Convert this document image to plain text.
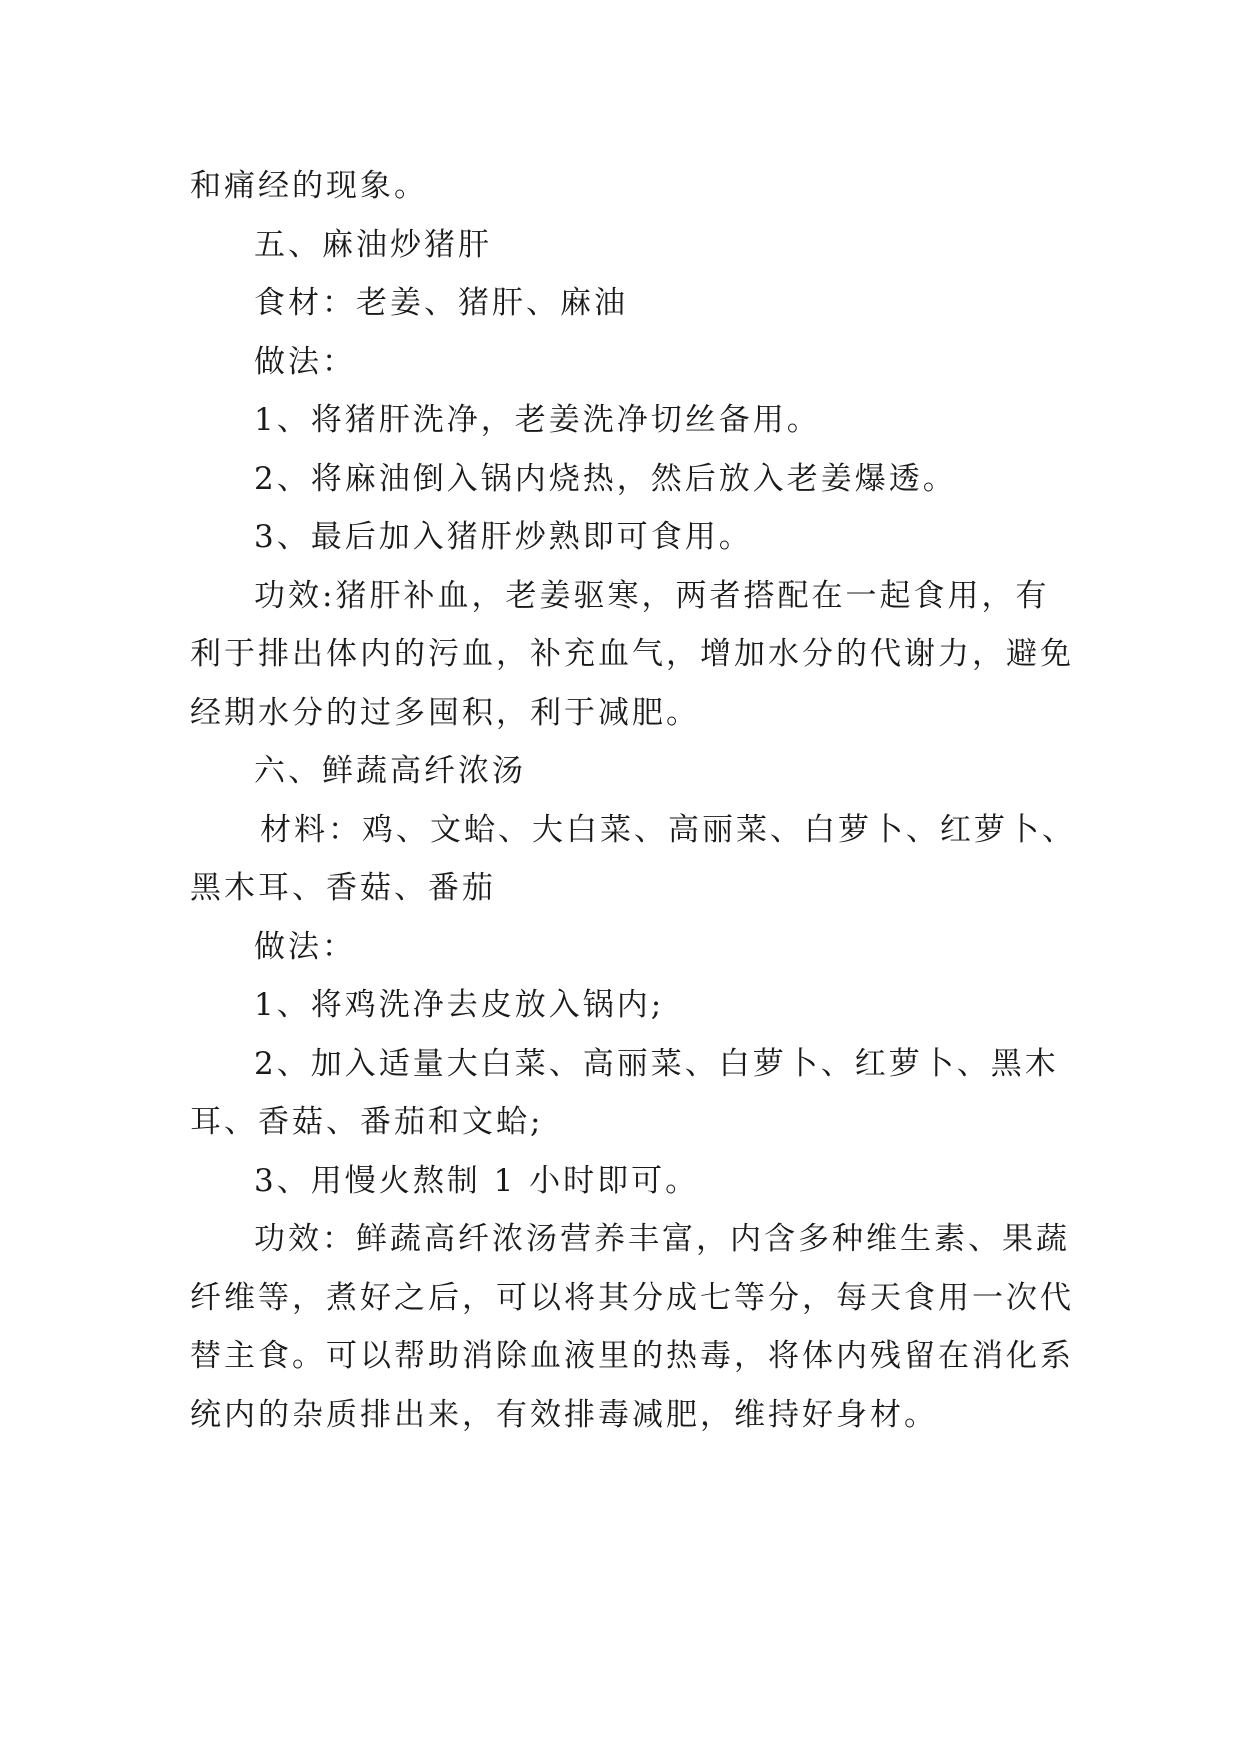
和痛经的现象。
五、麻油炒猪肝
食材：老姜、猪肝、麻油
做法：
1、将猪肝洗净，老姜洗净切丝备用。
2、将麻油倒入锅内烧热，然后放入老姜爆透。
3、最后加入猪肝炒熟即可食用。
功效:猪肝补血，老姜驱寒，两者搭配在一起食用，有
利于排出体内的污血，补充血气，增加水分的代谢力，避免
经期水分的过多囤积，利于减肥。
六、鲜蔬高纤浓汤
材料：鸡、文蛤、大白菜、高丽菜、白萝卜、红萝卜、
黑木耳、香菇、番茄
做法：
1、将鸡洗净去皮放入锅内;
2、加入适量大白菜、高丽菜、白萝卜、红萝卜、黑木
耳、香菇、番茄和文蛤;
3、用慢火熬制 1 小时即可。
功效：鲜蔬高纤浓汤营养丰富，内含多种维生素、果蔬
纤维等，煮好之后，可以将其分成七等分，每天食用一次代
替主食。可以帮助消除血液里的热毒，将体内残留在消化系
统内的杂质排出来，有效排毒减肥，维持好身材。
